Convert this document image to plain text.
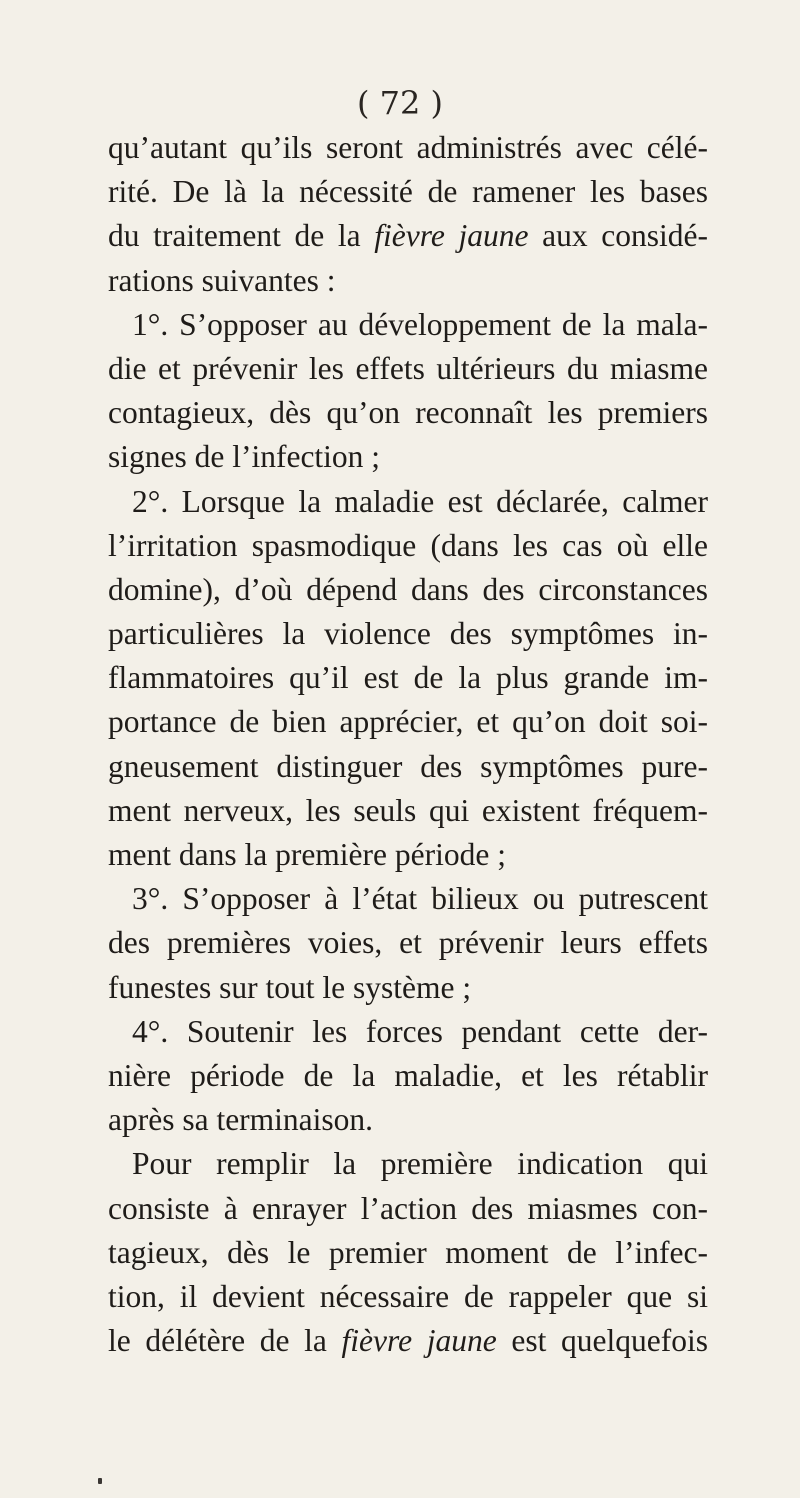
( 72 )
qu’autant qu’ils seront administrés avec célé-
rité. De là la nécessité de ramener les bases
du traitement de la fièvre jaune aux considé-
rations suivantes :
1°. S’opposer au développement de la mala-
die et prévenir les effets ultérieurs du miasme
contagieux, dès qu’on reconnaît les premiers
signes de l’infection ;
2°. Lorsque la maladie est déclarée, calmer
l’irritation spasmodique (dans les cas où elle
domine), d’où dépend dans des circonstances
particulières la violence des symptômes in-
flammatoires qu’il est de la plus grande im-
portance de bien apprécier, et qu’on doit soi-
gneusement distinguer des symptômes pure-
ment nerveux, les seuls qui existent fréquem-
ment dans la première période ;
3°. S’opposer à l’état bilieux ou putrescent
des premières voies, et prévenir leurs effets
funestes sur tout le système ;
4°. Soutenir les forces pendant cette der-
nière période de la maladie, et les rétablir
après sa terminaison.
Pour remplir la première indication qui
consiste à enrayer l’action des miasmes con-
tagieux, dès le premier moment de l’infec-
tion, il devient nécessaire de rappeler que si
le délétère de la fièvre jaune est quelquefois
